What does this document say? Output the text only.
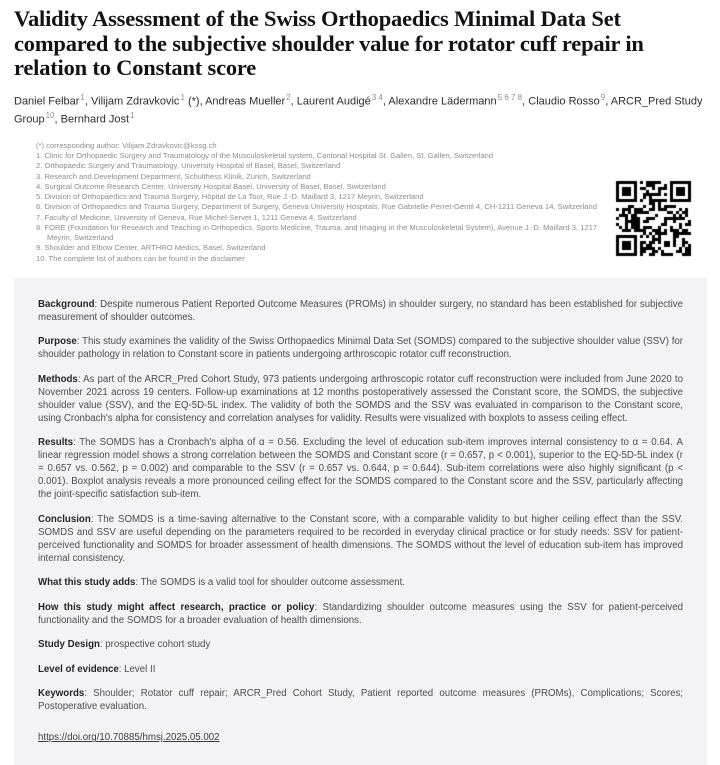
Validity Assessment of the Swiss Orthopaedics Minimal Data Set compared to the subjective shoulder value for rotator cuff repair in relation to Constant score

Daniel Felbar$^1$, Vilijam Zdravkovic$^1$ (*), Andreas Mueller$^2$, Laurent Audigé$^{3 4}$, Alexandre Lädermann$^{5 6 7 8}$, Claudio Rosso$^9$, ARCR_Pred Study Group$^{10}$, Bernhard Jost$^1$

(*) corresponding author: Vilijam.Zdravkovic@kssg.ch
1. Clinic for Orthopaedic Surgery and Traumatology of the Musculoskeletal system, Cantonal Hospital St. Gallen, St. Gallen, Switzerland
2. Orthopaedic Surgery and Traumatology, University Hospital of Basel, Basel, Switzerland
3. Research and Development Department, Schulthess Klinik, Zurich, Switzerland
4. Surgical Outcome Research Center, University Hospital Basel, University of Basel, Basel, Switzerland
5. Division of Orthopaedics and Trauma Surgery, Hôpital de La Tour, Rue J.-D. Maillard 3, 1217 Meyrin, Switzerland
6. Division of Orthopaedics and Trauma Surgery, Department of Surgery, Geneva University Hospitals, Rue Gabrielle-Perret-Gentil 4, CH-1211 Geneva 14, Switzerland
7. Faculty of Medicine, University of Geneva, Rue Michel-Servet 1, 1211 Geneva 4, Switzerland
8. FORE (Foundation for Research and Teaching in Orthopedics, Sports Medicine, Trauma, and Imaging in the Musculoskeletal System), Avenue J.-D. Maillard 3, 1217 Meyrin, Switzerland
9. Shoulder and Elbow Center, ARTHRO Medics, Basel, Switzerland
10. The complete list of authors can be found in the disclaimer

Background: Despite numerous Patient Reported Outcome Measures (PROMs) in shoulder surgery, no standard has been established for subjective measurement of shoulder outcomes.

Purpose: This study examines the validity of the Swiss Orthopaedics Minimal Data Set (SOMDS) compared to the subjective shoulder value (SSV) for shoulder pathology in relation to Constant score in patients undergoing arthroscopic rotator cuff reconstruction.

Methods: As part of the ARCR_Pred Cohort Study, 973 patients undergoing arthroscopic rotator cuff reconstruction were included from June 2020 to November 2021 across 19 centers. Follow-up examinations at 12 months postoperatively assessed the Constant score, the SOMDS, the subjective shoulder value (SSV), and the EQ-5D-5L index. The validity of both the SOMDS and the SSV was evaluated in comparison to the Constant score, using Cronbach's alpha for consistency and correlation analyses for validity. Results were visualized with boxplots to assess ceiling effect.

Results: The SOMDS has a Cronbach's alpha of α = 0.56. Excluding the level of education sub-item improves internal consistency to α = 0.64. A linear regression model shows a strong correlation between the SOMDS and Constant score (r = 0.657, p < 0.001), superior to the EQ-5D-5L index (r = 0.657 vs. 0.562, p = 0.002) and comparable to the SSV (r = 0.657 vs. 0.644, p = 0.644). Sub-item correlations were also highly significant (p < 0.001). Boxplot analysis reveals a more pronounced ceiling effect for the SOMDS compared to the Constant score and the SSV, particularly affecting the joint-specific satisfaction sub-item.

Conclusion: The SOMDS is a time-saving alternative to the Constant score, with a comparable validity to but higher ceiling effect than the SSV. SOMDS and SSV are useful depending on the parameters required to be recorded in everyday clinical practice or for study needs: SSV for patient-perceived functionality and SOMDS for broader assessment of health dimensions. The SOMDS without the level of education sub-item has improved internal consistency.

What this study adds: The SOMDS is a valid tool for shoulder outcome assessment.

How this study might affect research, practice or policy: Standardizing shoulder outcome measures using the SSV for patient-perceived functionality and the SOMDS for a broader evaluation of health dimensions.

Study Design: prospective cohort study

Level of evidence: Level II

Keywords: Shoulder; Rotator cuff repair; ARCR_Pred Cohort Study, Patient reported outcome measures (PROMs), Complications; Scores; Postoperative evaluation.

https://doi.org/10.70885/hmsj.2025.05.002
